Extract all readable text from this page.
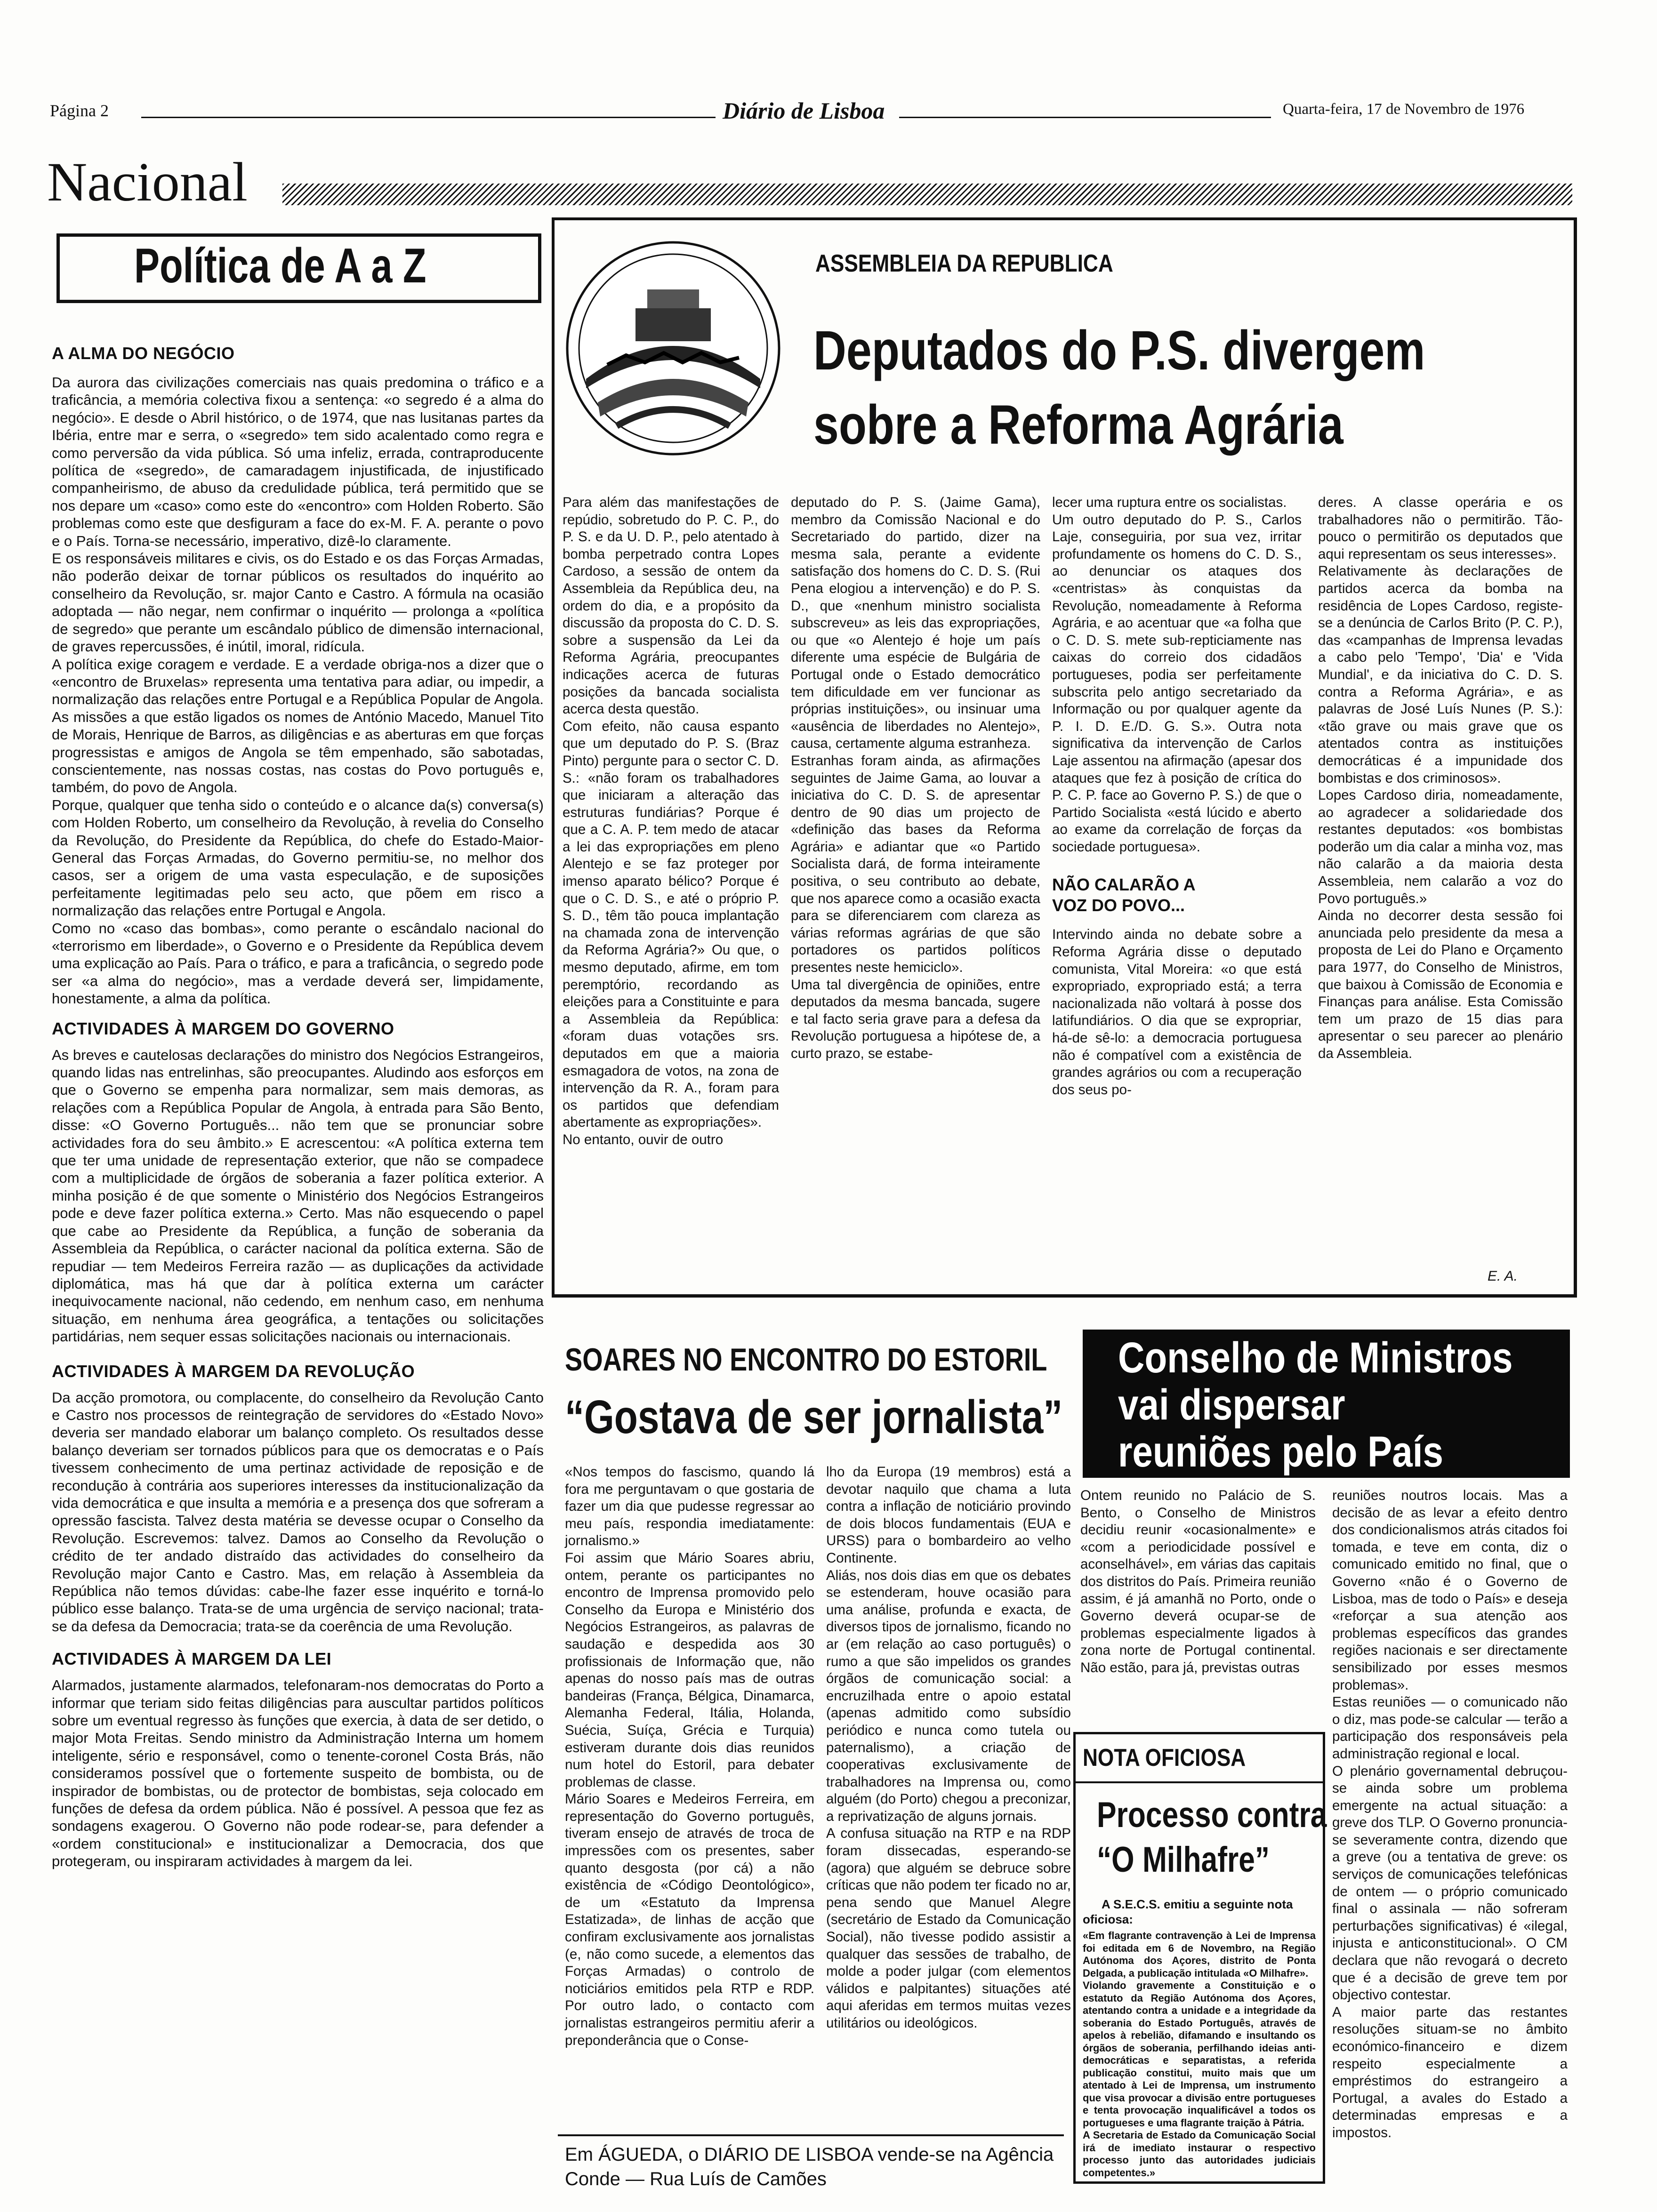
Página 2	Diário de Lisboa	Quarta-feira, 17 de Novembro de 1976
Nacional
Política de A a Z
A ALMA DO NEGÓCIO
Da aurora das civilizações comerciais nas quais predomina o tráfico e a traficância, a memória colectiva fixou a sentença: «o segredo é a alma do negócio». E desde o Abril histórico, o de 1974, que nas lusitanas partes da Ibéria, entre mar e serra, o «segredo» tem sido acalentado como regra e como perversão da vida pública. Só uma infeliz, errada, contraproducente política de «segredo», de camaradagem injustificada, de injustificado companheirismo, de abuso da credulidade pública, terá permitido que se nos depare um «caso» como este do «encontro» com Holden Roberto. São problemas como este que desfiguram a face do ex-M. F. A. perante o povo e o País. Torna-se necessário, imperativo, dizê-lo claramente.
E os responsáveis militares e civis, os do Estado e os das Forças Armadas, não poderão deixar de tornar públicos os resultados do inquérito ao conselheiro da Revolução, sr. major Canto e Castro. A fórmula na ocasião adoptada — não negar, nem confirmar o inquérito — prolonga a «política de segredo» que perante um escândalo público de dimensão internacional, de graves repercussões, é inútil, imoral, ridícula.
A política exige coragem e verdade. E a verdade obriga-nos a dizer que o «encontro de Bruxelas» representa uma tentativa para adiar, ou impedir, a normalização das relações entre Portugal e a República Popular de Angola. As missões a que estão ligados os nomes de António Macedo, Manuel Tito de Morais, Henrique de Barros, as diligências e as aberturas em que forças progressistas e amigos de Angola se têm empenhado, são sabotadas, conscientemente, nas nossas costas, nas costas do Povo português e, também, do povo de Angola.
Porque, qualquer que tenha sido o conteúdo e o alcance da(s) conversa(s) com Holden Roberto, um conselheiro da Revolução, à revelia do Conselho da Revolução, do Presidente da República, do chefe do Estado-Maior-General das Forças Armadas, do Governo permitiu-se, no melhor dos casos, ser a origem de uma vasta especulação, e de suposições perfeitamente legitimadas pelo seu acto, que põem em risco a normalização das relações entre Portugal e Angola.
Como no «caso das bombas», como perante o escândalo nacional do «terrorismo em liberdade», o Governo e o Presidente da República devem uma explicação ao País. Para o tráfico, e para a traficância, o segredo pode ser «a alma do negócio», mas a verdade deverá ser, limpidamente, honestamente, a alma da política.
ACTIVIDADES À MARGEM DO GOVERNO
As breves e cautelosas declarações do ministro dos Negócios Estrangeiros, quando lidas nas entrelinhas, são preocupantes. Aludindo aos esforços em que o Governo se empenha para normalizar, sem mais demoras, as relações com a República Popular de Angola, à entrada para São Bento, disse: «O Governo Português... não tem que se pronunciar sobre actividades fora do seu âmbito.» E acrescentou: «A política externa tem que ter uma unidade de representação exterior, que não se compadece com a multiplicidade de órgãos de soberania a fazer política exterior. A minha posição é de que somente o Ministério dos Negócios Estrangeiros pode e deve fazer política externa.» Certo. Mas não esquecendo o papel que cabe ao Presidente da República, a função de soberania da Assembleia da República, o carácter nacional da política externa. São de repudiar — tem Medeiros Ferreira razão — as duplicações da actividade diplomática, mas há que dar à política externa um carácter inequivocamente nacional, não cedendo, em nenhum caso, em nenhuma situação, em nenhuma área geográfica, a tentações ou solicitações partidárias, nem sequer essas solicitações nacionais ou internacionais.
ACTIVIDADES À MARGEM DA REVOLUÇÃO
Da acção promotora, ou complacente, do conselheiro da Revolução Canto e Castro nos processos de reintegração de servidores do «Estado Novo» deveria ser mandado elaborar um balanço completo. Os resultados desse balanço deveriam ser tornados públicos para que os democratas e o País tivessem conhecimento de uma pertinaz actividade de reposição e de recondução à contrária aos superiores interesses da institucionalização da vida democrática e que insulta a memória e a presença dos que sofreram a opressão fascista. Talvez desta matéria se devesse ocupar o Conselho da Revolução. Escrevemos: talvez. Damos ao Conselho da Revolução o crédito de ter andado distraído das actividades do conselheiro da Revolução major Canto e Castro. Mas, em relação à Assembleia da República não temos dúvidas: cabe-lhe fazer esse inquérito e torná-lo público esse balanço. Trata-se de uma urgência de serviço nacional; trata-se da defesa da Democracia; trata-se da coerência de uma Revolução.
ACTIVIDADES À MARGEM DA LEI
Alarmados, justamente alarmados, telefonaram-nos democratas do Porto a informar que teriam sido feitas diligências para auscultar partidos políticos sobre um eventual regresso às funções que exercia, à data de ser detido, o major Mota Freitas. Sendo ministro da Administração Interna um homem inteligente, sério e responsável, como o tenente-coronel Costa Brás, não consideramos possível que o fortemente suspeito de bombista, ou de inspirador de bombistas, ou de protector de bombistas, seja colocado em funções de defesa da ordem pública. Não é possível. A pessoa que fez as sondagens exagerou. O Governo não pode rodear-se, para defender a «ordem constitucional» e institucionalizar a Democracia, dos que protegeram, ou inspiraram actividades à margem da lei.
ASSEMBLEIA DA REPUBLICA
Deputados do P.S. divergem
sobre a Reforma Agrária
Para além das manifestações de repúdio, sobretudo do P. C. P., do P. S. e da U. D. P., pelo atentado à bomba perpetrado contra Lopes Cardoso, a sessão de ontem da Assembleia da República deu, na ordem do dia, e a propósito da discussão da proposta do C. D. S. sobre a suspensão da Lei da Reforma Agrária, preocupantes indicações acerca de futuras posições da bancada socialista acerca desta questão.
Com efeito, não causa espanto que um deputado do P. S. (Braz Pinto) pergunte para o sector C. D. S.: «não foram os trabalhadores que iniciaram a alteração das estruturas fundiárias? Porque é que a C. A. P. tem medo de atacar a lei das expropriações em pleno Alentejo e se faz proteger por imenso aparato bélico? Porque é que o C. D. S., e até o próprio P. S. D., têm tão pouca implantação na chamada zona de intervenção da Reforma Agrária?» Ou que, o mesmo deputado, afirme, em tom peremptório, recordando as eleições para a Constituinte e para a Assembleia da República: «foram duas votações srs. deputados em que a maioria esmagadora de votos, na zona de intervenção da R. A., foram para os partidos que defendiam abertamente as expropriações».
No entanto, ouvir de outro
deputado do P. S. (Jaime Gama), membro da Comissão Nacional e do Secretariado do partido, dizer na mesma sala, perante a evidente satisfação dos homens do C. D. S. (Rui Pena elogiou a intervenção) e do P. S. D., que «nenhum ministro socialista subscreveu» as leis das expropriações, ou que «o Alentejo é hoje um país diferente uma espécie de Bulgária de Portugal onde o Estado democrático tem dificuldade em ver funcionar as próprias instituições», ou insinuar uma «ausência de liberdades no Alentejo», causa, certamente alguma estranheza.
Estranhas foram ainda, as afirmações seguintes de Jaime Gama, ao louvar a iniciativa do C. D. S. de apresentar dentro de 90 dias um projecto de «definição das bases da Reforma Agrária» e adiantar que «o Partido Socialista dará, de forma inteiramente positiva, o seu contributo ao debate, que nos aparece como a ocasião exacta para se diferenciarem com clareza as várias reformas agrárias de que são portadores os partidos políticos presentes neste hemiciclo».
Uma tal divergência de opiniões, entre deputados da mesma bancada, sugere e tal facto seria grave para a defesa da Revolução portuguesa a hipótese de, a curto prazo, se estabe-
lecer uma ruptura entre os socialistas.
Um outro deputado do P. S., Carlos Laje, conseguiria, por sua vez, irritar profundamente os homens do C. D. S., ao denunciar os ataques dos «centristas» às conquistas da Revolução, nomeadamente à Reforma Agrária, e ao acentuar que «a folha que o C. D. S. mete sub-repticiamente nas caixas do correio dos cidadãos portugueses, podia ser perfeitamente subscrita pelo antigo secretariado da Informação ou por qualquer agente da P. I. D. E./D. G. S.». Outra nota significativa da intervenção de Carlos Laje assentou na afirmação (apesar dos ataques que fez à posição de crítica do P. C. P. face ao Governo P. S.) de que o Partido Socialista «está lúcido e aberto ao exame da correlação de forças da sociedade portuguesa».
NÃO CALARÃO A VOZ DO POVO...
Intervindo ainda no debate sobre a Reforma Agrária disse o deputado comunista, Vital Moreira: «o que está expropriado, expropriado está; a terra nacionalizada não voltará à posse dos latifundiários. O dia que se expropriar, há-de sê-lo: a democracia portuguesa não é compatível com a existência de grandes agrários ou com a recuperação dos seus po-
deres. A classe operária e os trabalhadores não o permitirão. Tão-pouco o permitirão os deputados que aqui representam os seus interesses».
Relativamente às declarações de partidos acerca da bomba na residência de Lopes Cardoso, registe-se a denúncia de Carlos Brito (P. C. P.), das «campanhas de Imprensa levadas a cabo pelo 'Tempo', 'Dia' e 'Vida Mundial', e da iniciativa do C. D. S. contra a Reforma Agrária», e as palavras de José Luís Nunes (P. S.): «tão grave ou mais grave que os atentados contra as instituições democráticas é a impunidade dos bombistas e dos criminosos».
Lopes Cardoso diria, nomeadamente, ao agradecer a solidariedade dos restantes deputados: «os bombistas poderão um dia calar a minha voz, mas não calarão a da maioria desta Assembleia, nem calarão a voz do Povo português.»
Ainda no decorrer desta sessão foi anunciada pelo presidente da mesa a proposta de Lei do Plano e Orçamento para 1977, do Conselho de Ministros, que baixou à Comissão de Economia e Finanças para análise. Esta Comissão tem um prazo de 15 dias para apresentar o seu parecer ao plenário da Assembleia.
E. A.
SOARES NO ENCONTRO DO ESTORIL
“Gostava de ser jornalista”
«Nos tempos do fascismo, quando lá fora me perguntavam o que gostaria de fazer um dia que pudesse regressar ao meu país, respondia imediatamente: jornalismo.»
Foi assim que Mário Soares abriu, ontem, perante os participantes no encontro de Imprensa promovido pelo Conselho da Europa e Ministério dos Negócios Estrangeiros, as palavras de saudação e despedida aos 30 profissionais de Informação que, não apenas do nosso país mas de outras bandeiras (França, Bélgica, Dinamarca, Alemanha Federal, Itália, Holanda, Suécia, Suíça, Grécia e Turquia) estiveram durante dois dias reunidos num hotel do Estoril, para debater problemas de classe.
Mário Soares e Medeiros Ferreira, em representação do Governo português, tiveram ensejo de através de troca de impressões com os presentes, saber quanto desgosta (por cá) a não existência de «Código Deontológico», de um «Estatuto da Imprensa Estatizada», de linhas de acção que confiram exclusivamente aos jornalistas (e, não como sucede, a elementos das Forças Armadas) o controlo de noticiários emitidos pela RTP e RDP. Por outro lado, o contacto com jornalistas estrangeiros permitiu aferir a preponderância que o Conse-
lho da Europa (19 membros) está a devotar naquilo que chama a luta contra a inflação de noticiário provindo de dois blocos fundamentais (EUA e URSS) para o bombardeiro ao velho Continente.
Aliás, nos dois dias em que os debates se estenderam, houve ocasião para uma análise, profunda e exacta, de diversos tipos de jornalismo, ficando no ar (em relação ao caso português) o rumo a que são impelidos os grandes órgãos de comunicação social: a encruzilhada entre o apoio estatal (apenas admitido como subsídio periódico e nunca como tutela ou paternalismo), a criação de cooperativas exclusivamente de trabalhadores na Imprensa ou, como alguém (do Porto) chegou a preconizar, a reprivatização de alguns jornais.
A confusa situação na RTP e na RDP foram dissecadas, esperando-se (agora) que alguém se debruce sobre críticas que não podem ter ficado no ar, pena sendo que Manuel Alegre (secretário de Estado da Comunicação Social), não tivesse podido assistir a qualquer das sessões de trabalho, de molde a poder julgar (com elementos válidos e palpitantes) situações até aqui aferidas em termos muitas vezes utilitários ou ideológicos.
Em ÁGUEDA, o DIÁRIO DE LISBOA vende-se na Agência Conde — Rua Luís de Camões
Conselho de Ministros
vai dispersar
reuniões pelo País
Ontem reunido no Palácio de S. Bento, o Conselho de Ministros decidiu reunir «ocasionalmente» e «com a periodicidade possível e aconselhável», em várias das capitais dos distritos do País. Primeira reunião assim, é já amanhã no Porto, onde o Governo deverá ocupar-se de problemas especialmente ligados à zona norte de Portugal continental. Não estão, para já, previstas outras
reuniões noutros locais. Mas a decisão de as levar a efeito dentro dos condicionalismos atrás citados foi tomada, e teve em conta, diz o comunicado emitido no final, que o Governo «não é o Governo de Lisboa, mas de todo o País» e deseja «reforçar a sua atenção aos problemas específicos das grandes regiões nacionais e ser directamente sensibilizado por esses mesmos problemas».
Estas reuniões — o comunicado não o diz, mas pode-se calcular — terão a participação dos responsáveis pela administração regional e local.
O plenário governamental debruçou-se ainda sobre um problema emergente na actual situação: a greve dos TLP. O Governo pronuncia-se severamente contra, dizendo que a greve (ou a tentativa de greve: os serviços de comunicações telefónicas de ontem — o próprio comunicado final o assinala — não sofreram perturbações significativas) é «ilegal, injusta e anticonstitucional». O CM declara que não revogará o decreto que é a decisão de greve tem por objectivo contestar.
A maior parte das restantes resoluções situam-se no âmbito económico-financeiro e dizem respeito especialmente a empréstimos do estrangeiro a Portugal, a avales do Estado a determinadas empresas e a impostos.
NOTA OFICIOSA
Processo contra
“O Milhafre”
A S.E.C.S. emitiu a seguinte nota oficiosa:
«Em flagrante contravenção à Lei de Imprensa foi editada em 6 de Novembro, na Região Autónoma dos Açores, distrito de Ponta Delgada, a publicação intitulada «O Milhafre».
Violando gravemente a Constituição e o estatuto da Região Autónoma dos Açores, atentando contra a unidade e a integridade da soberania do Estado Português, através de apelos à rebelião, difamando e insultando os órgãos de soberania, perfilhando ideias anti-democráticas e separatistas, a referida publicação constitui, muito mais que um atentado à Lei de Imprensa, um instrumento que visa provocar a divisão entre portugueses e tenta provocação inqualificável a todos os portugueses e uma flagrante traição à Pátria.
A Secretaria de Estado da Comunicação Social irá de imediato instaurar o respectivo processo junto das autoridades judiciais competentes.»
